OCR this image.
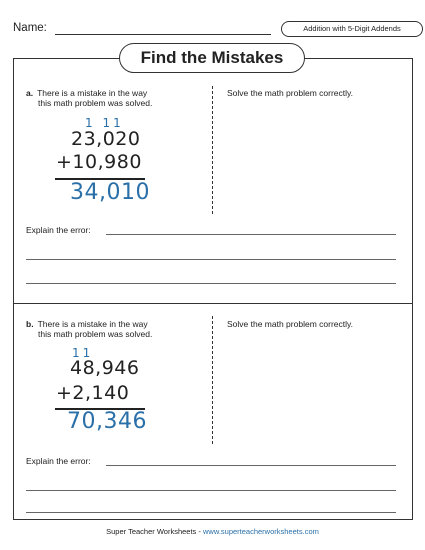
Name:	Addition with 5-Digit Addends
Find the Mistakes
a. There is a mistake in the way
this math problem was solved.
Solve the math problem correctly.
1 11
23,020
+10,980
34,010
Explain the error:
b. There is a mistake in the way
this math problem was solved.
Solve the math problem correctly.
11
48,946
+2,140
70,346
Explain the error:
Super Teacher Worksheets - www.superteacherworksheets.com
